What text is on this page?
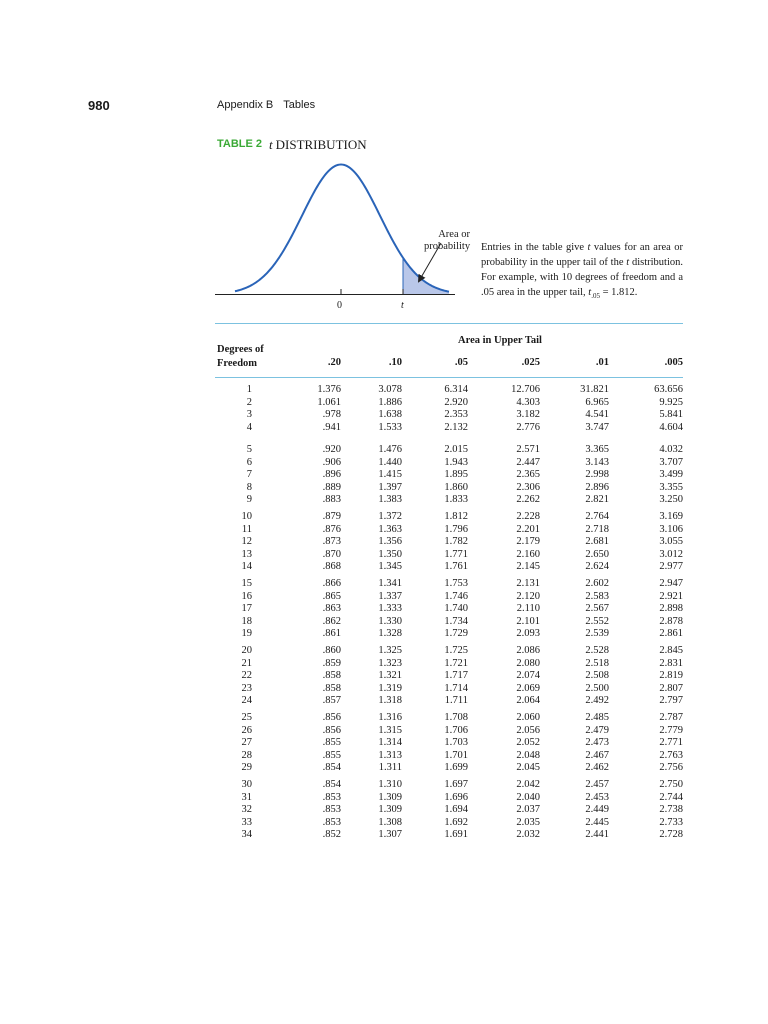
980	Appendix B Tables
TABLE 2 t DISTRIBUTION
Area or probability
0	t
Entries in the table give t values for an area or probability in the upper tail of the t distribution. For example, with 10 degrees of freedom and a .05 area in the upper tail, $t_{.05} = 1.812$.
Degrees of Freedom
Area in Upper Tail
.20	.10	.05	.025	.01	.005
1	1.376	3.078	6.314	12.706	31.821	63.656
2	1.061	1.886	2.920	4.303	6.965	9.925
3	.978	1.638	2.353	3.182	4.541	5.841
4	.941	1.533	2.132	2.776	3.747	4.604
5	.920	1.476	2.015	2.571	3.365	4.032
6	.906	1.440	1.943	2.447	3.143	3.707
7	.896	1.415	1.895	2.365	2.998	3.499
8	.889	1.397	1.860	2.306	2.896	3.355
9	.883	1.383	1.833	2.262	2.821	3.250
10	.879	1.372	1.812	2.228	2.764	3.169
11	.876	1.363	1.796	2.201	2.718	3.106
12	.873	1.356	1.782	2.179	2.681	3.055
13	.870	1.350	1.771	2.160	2.650	3.012
14	.868	1.345	1.761	2.145	2.624	2.977
15	.866	1.341	1.753	2.131	2.602	2.947
16	.865	1.337	1.746	2.120	2.583	2.921
17	.863	1.333	1.740	2.110	2.567	2.898
18	.862	1.330	1.734	2.101	2.552	2.878
19	.861	1.328	1.729	2.093	2.539	2.861
20	.860	1.325	1.725	2.086	2.528	2.845
21	.859	1.323	1.721	2.080	2.518	2.831
22	.858	1.321	1.717	2.074	2.508	2.819
23	.858	1.319	1.714	2.069	2.500	2.807
24	.857	1.318	1.711	2.064	2.492	2.797
25	.856	1.316	1.708	2.060	2.485	2.787
26	.856	1.315	1.706	2.056	2.479	2.779
27	.855	1.314	1.703	2.052	2.473	2.771
28	.855	1.313	1.701	2.048	2.467	2.763
29	.854	1.311	1.699	2.045	2.462	2.756
30	.854	1.310	1.697	2.042	2.457	2.750
31	.853	1.309	1.696	2.040	2.453	2.744
32	.853	1.309	1.694	2.037	2.449	2.738
33	.853	1.308	1.692	2.035	2.445	2.733
34	.852	1.307	1.691	2.032	2.441	2.728
